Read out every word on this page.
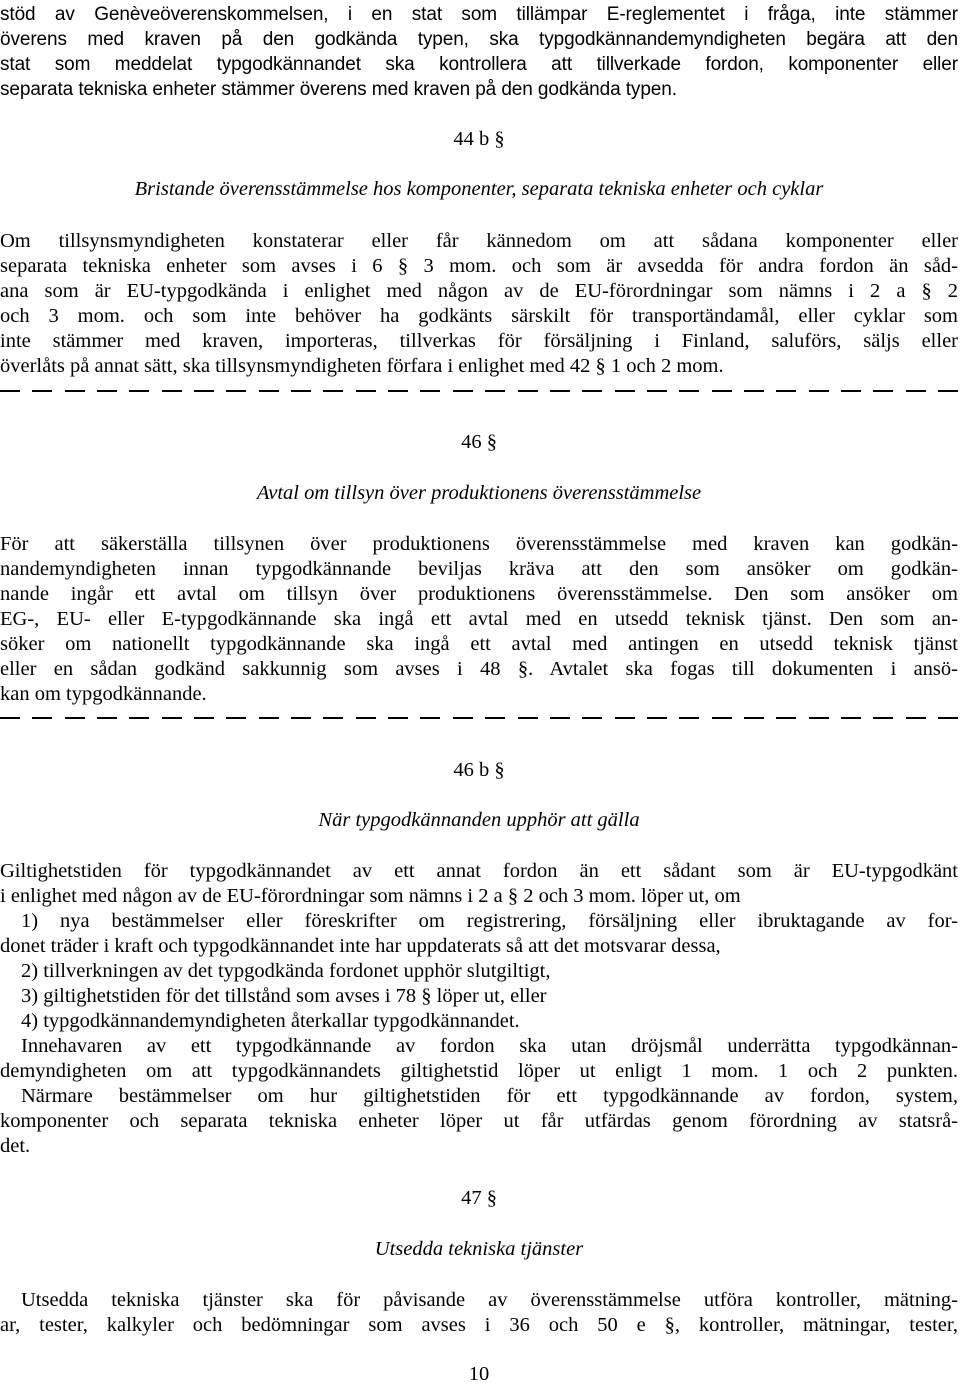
stöd av Genèveöverenskommelsen, i en stat som tillämpar E-reglementet i fråga, inte stämmer
överens med kraven på den godkända typen, ska typgodkännandemyndigheten begära att den
stat som meddelat typgodkännandet ska kontrollera att tillverkade fordon, komponenter eller
separata tekniska enheter stämmer överens med kraven på den godkända typen.
44 b §
Bristande överensstämmelse hos komponenter, separata tekniska enheter och cyklar
Om tillsynsmyndigheten konstaterar eller får kännedom om att sådana komponenter eller
separata tekniska enheter som avses i 6 § 3 mom. och som är avsedda för andra fordon än såd-
ana som är EU-typgodkända i enlighet med någon av de EU-förordningar som nämns i 2 a § 2
och 3 mom. och som inte behöver ha godkänts särskilt för transportändamål, eller cyklar som
inte stämmer med kraven, importeras, tillverkas för försäljning i Finland, saluförs, säljs eller
överlåts på annat sätt, ska tillsynsmyndigheten förfara i enlighet med 42 § 1 och 2 mom.
46 §
Avtal om tillsyn över produktionens överensstämmelse
För att säkerställa tillsynen över produktionens överensstämmelse med kraven kan godkän-
nandemyndigheten innan typgodkännande beviljas kräva att den som ansöker om godkän-
nande ingår ett avtal om tillsyn över produktionens överensstämmelse. Den som ansöker om
EG-, EU- eller E-typgodkännande ska ingå ett avtal med en utsedd teknisk tjänst. Den som an-
söker om nationellt typgodkännande ska ingå ett avtal med antingen en utsedd teknisk tjänst
eller en sådan godkänd sakkunnig som avses i 48 §. Avtalet ska fogas till dokumenten i ansö-
kan om typgodkännande.
46 b §
När typgodkännanden upphör att gälla
Giltighetstiden för typgodkännandet av ett annat fordon än ett sådant som är EU-typgodkänt
i enlighet med någon av de EU-förordningar som nämns i 2 a § 2 och 3 mom. löper ut, om
1) nya bestämmelser eller föreskrifter om registrering, försäljning eller ibruktagande av for-
donet träder i kraft och typgodkännandet inte har uppdaterats så att det motsvarar dessa,
2) tillverkningen av det typgodkända fordonet upphör slutgiltigt,
3) giltighetstiden för det tillstånd som avses i 78 § löper ut, eller
4) typgodkännandemyndigheten återkallar typgodkännandet.
Innehavaren av ett typgodkännande av fordon ska utan dröjsmål underrätta typgodkännan-
demyndigheten om att typgodkännandets giltighetstid löper ut enligt 1 mom. 1 och 2 punkten.
Närmare bestämmelser om hur giltighetstiden för ett typgodkännande av fordon, system,
komponenter och separata tekniska enheter löper ut får utfärdas genom förordning av statsrå-
det.
47 §
Utsedda tekniska tjänster
Utsedda tekniska tjänster ska för påvisande av överensstämmelse utföra kontroller, mätning-
ar, tester, kalkyler och bedömningar som avses i 36 och 50 e §, kontroller, mätningar, tester,
10
